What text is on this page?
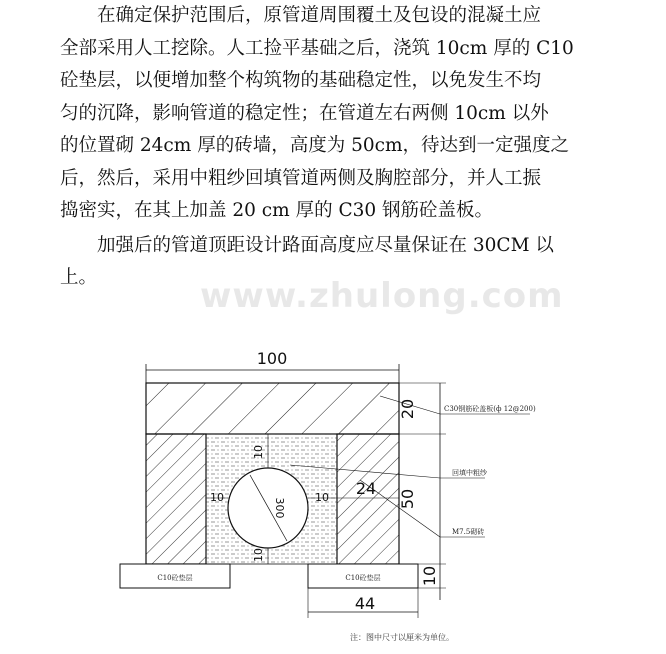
在确定保护范围后，原管道周围覆土及包设的混凝土应
全部采用人工挖除。人工捡平基础之后，浇筑 10cm 厚的 C10
砼垫层，以便增加整个构筑物的基础稳定性，以免发生不均
匀的沉降，影响管道的稳定性；在管道左右两侧 10cm 以外
的位置砌 24cm 厚的砖墙，高度为 50cm，待达到一定强度之
后，然后，采用中粗纱回填管道两侧及胸腔部分，并人工振
捣密实，在其上加盖 20 cm 厚的 C30 钢筋砼盖板。
加强后的管道顶距设计路面高度应尽量保证在 30CM 以
上。	www.zhulong.com
100
20
50
10
44
24
10	10
300
10
10
C30钢筋砼盖板(ф 12@200)
回填中粗纱
M7.5砌砖
C10砼垫层	C10砼垫层
注：图中尺寸以厘米为单位。
